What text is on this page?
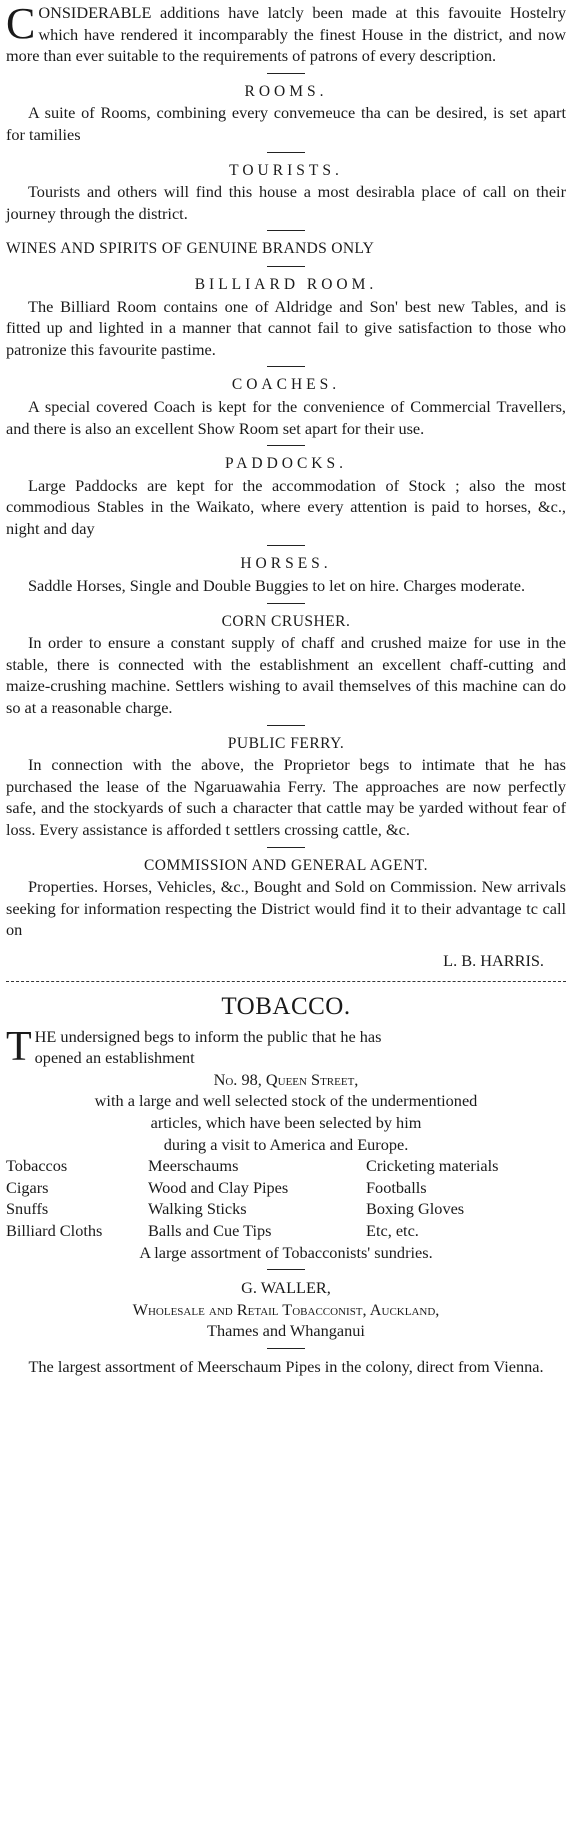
C ONSIDERABLE additions have latcly been made at this favouite Hostelry which have rendered it incomparably the finest House in the district, and now more than ever suitable to the requirements of patrons of every description.

ROOMS.

A suite of Rooms, combining every convemeuce tha can be desired, is set apart for tamilies

TOURISTS.

Tourists and others will find this house a most desirabla place of call on their journey through the district.

WINES AND SPIRITS OF GENUINE BRANDS ONLY

BILLIARD ROOM.

The Billiard Room contains one of Aldridge and Son' best new Tables, and is fitted up and lighted in a manner that cannot fail to give satisfaction to those who patronize this favourite pastime.

COACHES.

A special covered Coach is kept for the convenience of Commercial Travellers, and there is also an excellent Show Room set apart for their use.

PADDOCKS.

Large Paddocks are kept for the accommodation of Stock ; also the most commodious Stables in the Waikato, where every attention is paid to horses, &c., night and day

HORSES.

Saddle Horses, Single and Double Buggies to let on hire. Charges moderate.

CORN CRUSHER.

In order to ensure a constant supply of chaff and crushed maize for use in the stable, there is connected with the establishment an excellent chaff-cutting and maize-crushing machine. Settlers wishing to avail themselves of this machine can do so at a reasonable charge.

PUBLIC FERRY.

In connection with the above, the Proprietor begs to intimate that he has purchased the lease of the Ngaruawahia Ferry. The approaches are now perfectly safe, and the stockyards of such a character that cattle may be yarded without fear of loss. Every assistance is afforded t settlers crossing cattle, &c.

COMMISSION AND GENERAL AGENT.

Properties. Horses, Vehicles, &c., Bought and Sold on Commission. New arrivals seeking for information respecting the District would find it to their advantage tc call on

L. B. HARRIS.

TOBACCO.

T HE undersigned begs to inform the public that he has

opened an establishment

No. 98, Queen Street,

with a large and well selected stock of the undermentioned

articles, which have been selected by him

during a visit to America and Europe.

Tobaccos	Meerschaums	Cricketing materials
Cigars	Wood and Clay Pipes	Footballs
Snuffs	Walking Sticks	Boxing Gloves
Billiard Cloths	Balls and Cue Tips	Etc, etc.

A large assortment of Tobacconists' sundries.

G. WALLER,

Wholesale and Retail Tobacconist, Auckland,

Thames and Whanganui

The largest assortment of Meerschaum Pipes in the colony, direct from Vienna.
